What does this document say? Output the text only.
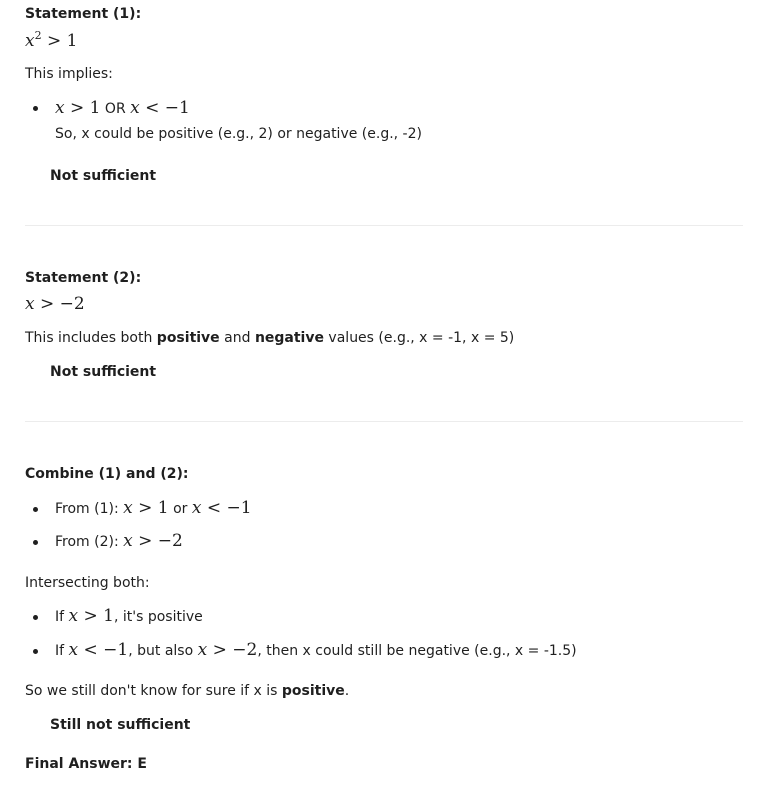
Statement (1):
$x^2 > 1$
This implies:
x > 1 OR x < −1
So, x could be positive (e.g., 2) or negative (e.g., -2)
Not sufficient
Statement (2):
x > −2
This includes both positive and negative values (e.g., x = -1, x = 5)
Not sufficient
Combine (1) and (2):
From (1): x > 1 or x < −1
From (2): x > −2
Intersecting both:
If x > 1, it's positive
If x < −1, but also x > −2, then x could still be negative (e.g., x = -1.5)
So we still don't know for sure if x is positive.
Still not sufficient
Final Answer: E
